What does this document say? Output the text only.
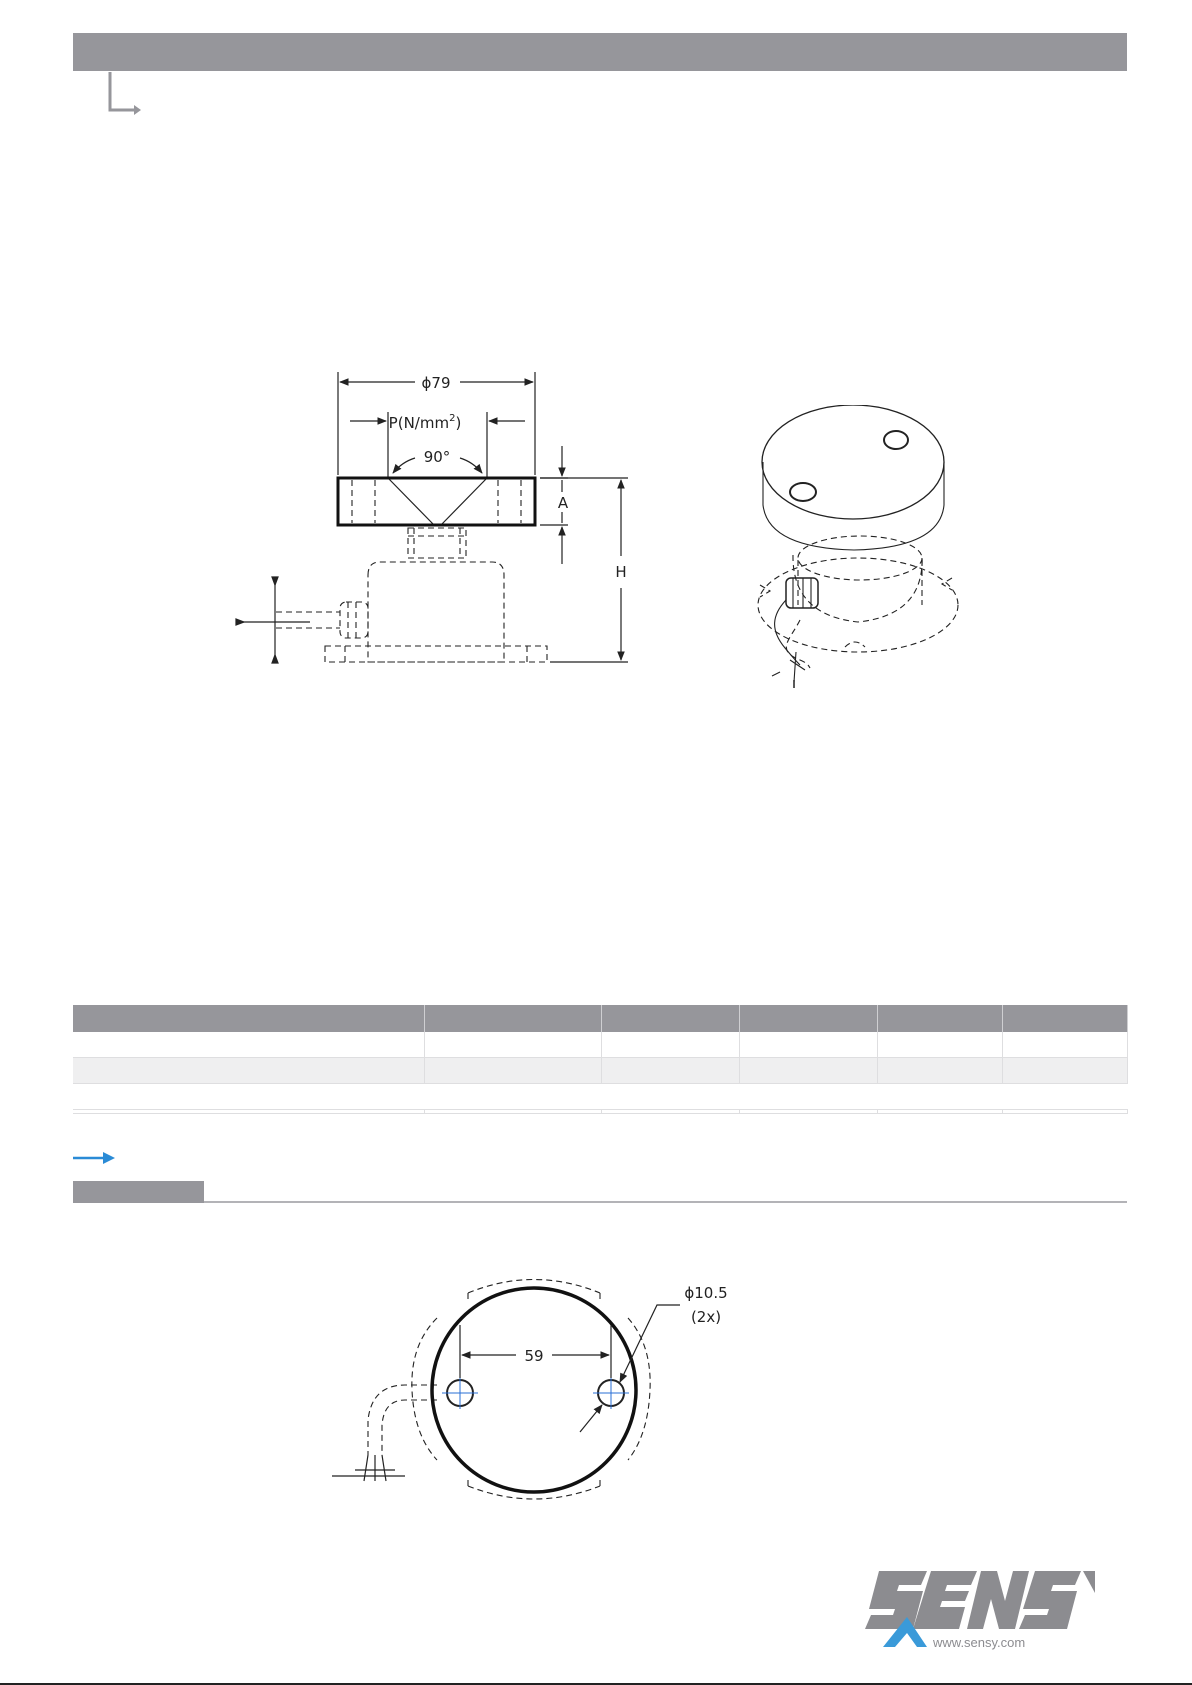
ϕ79
$P(N/mm^2)$
90°
A
H

59
ϕ10.5
(2x)
www.sensy.com
